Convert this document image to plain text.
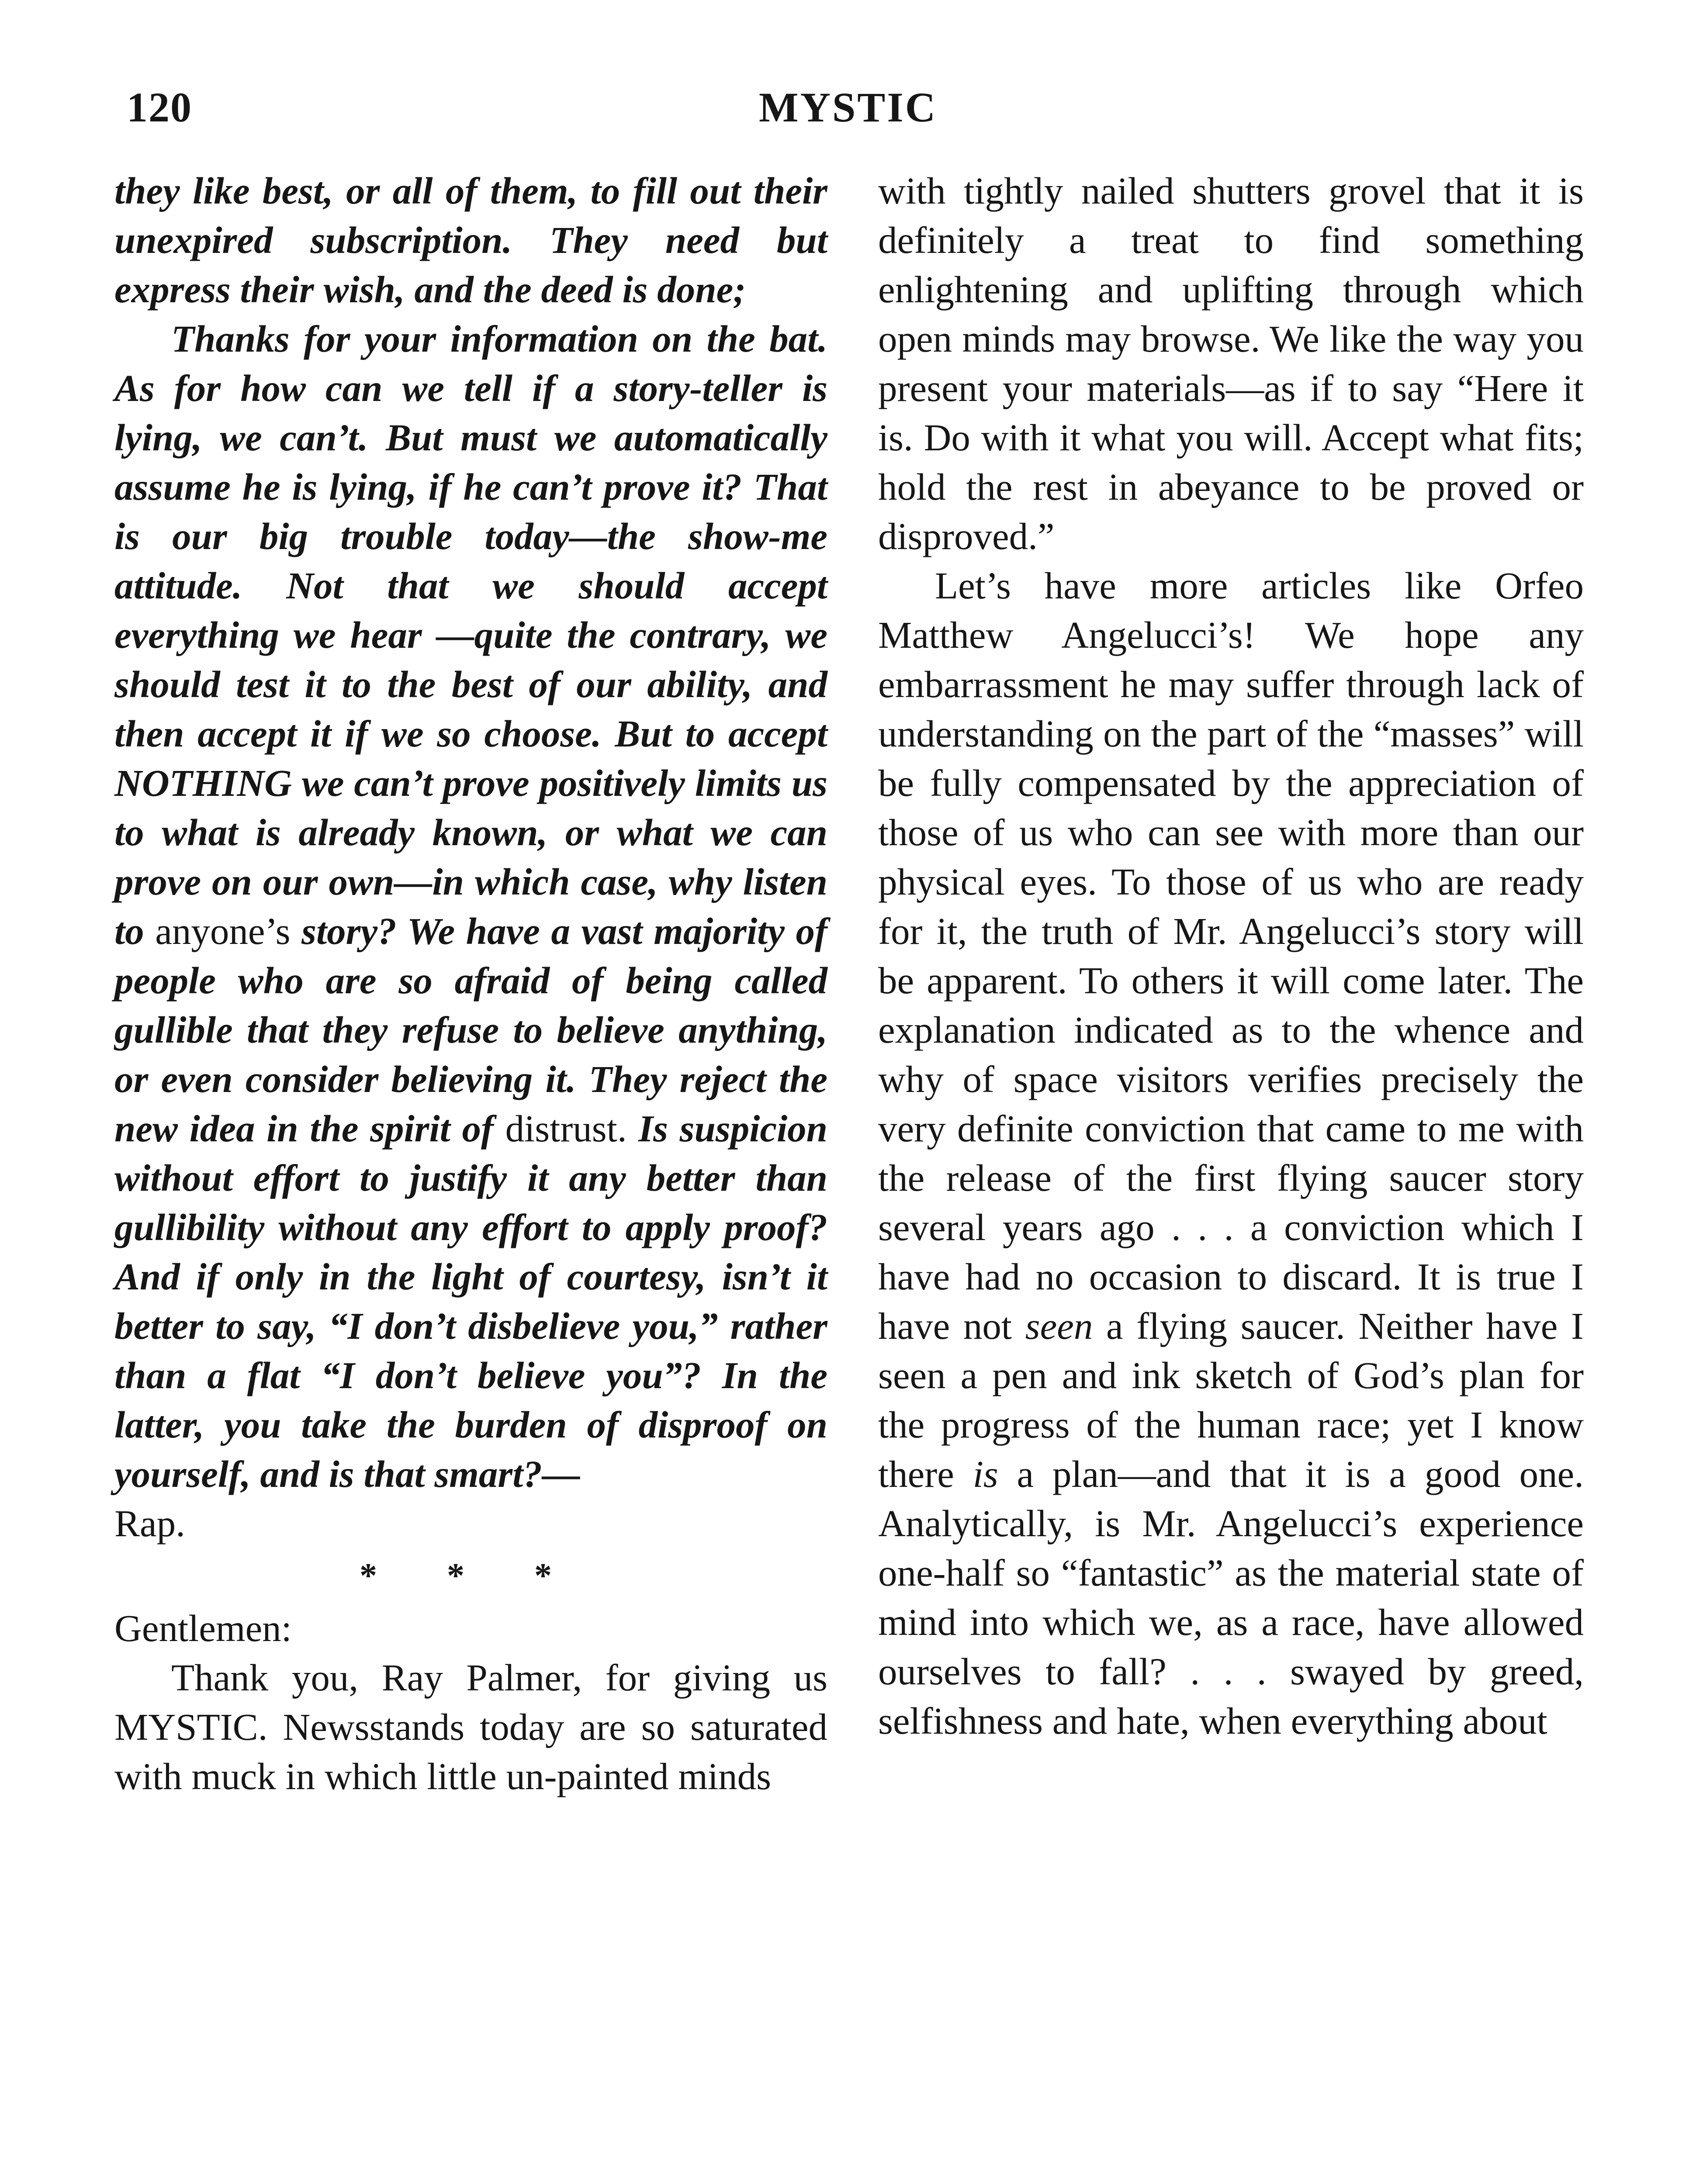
120	MYSTIC

they like best, or all of them, to fill out their unexpired subscription. They need but express their wish, and the deed is done;

Thanks for your information on the bat. As for how can we tell if a story-teller is lying, we can’t. But must we automatically assume he is lying, if he can’t prove it? That is our big trouble today—the show-me attitude. Not that we should accept everything we hear —quite the contrary, we should test it to the best of our ability, and then accept it if we so choose. But to accept NOTHING we can’t prove positively limits us to what is already known, or what we can prove on our own—in which case, why listen to anyone’s story? We have a vast majority of people who are so afraid of being called gullible that they refuse to believe anything, or even consider believing it. They reject the new idea in the spirit of distrust. Is suspicion without effort to justify it any better than gullibility without any effort to apply proof? And if only in the light of courtesy, isn’t it better to say, “I don’t disbelieve you,” rather than a flat “I don’t believe you”? In the latter, you take the burden of disproof on yourself, and is that smart?—
Rap.

* * *

Gentlemen:

Thank you, Ray Palmer, for giving us MYSTIC. Newsstands today are so saturated with muck in which little un-painted minds

with tightly nailed shutters grovel that it is definitely a treat to find something enlightening and uplifting through which open minds may browse. We like the way you present your materials—as if to say “Here it is. Do with it what you will. Accept what fits; hold the rest in abeyance to be proved or disproved.”

Let’s have more articles like Orfeo Matthew Angelucci’s! We hope any embarrassment he may suffer through lack of understanding on the part of the “masses” will be fully compensated by the appreciation of those of us who can see with more than our physical eyes. To those of us who are ready for it, the truth of Mr. Angelucci’s story will be apparent. To others it will come later. The explanation indicated as to the whence and why of space visitors verifies precisely the very definite conviction that came to me with the release of the first flying saucer story several years ago . . . a conviction which I have had no occasion to discard. It is true I have not seen a flying saucer. Neither have I seen a pen and ink sketch of God’s plan for the progress of the human race; yet I know there is a plan—and that it is a good one. Analytically, is Mr. Angelucci’s experience one-half so “fantastic” as the material state of mind into which we, as a race, have allowed ourselves to fall? . . . swayed by greed, selfishness and hate, when everything about
